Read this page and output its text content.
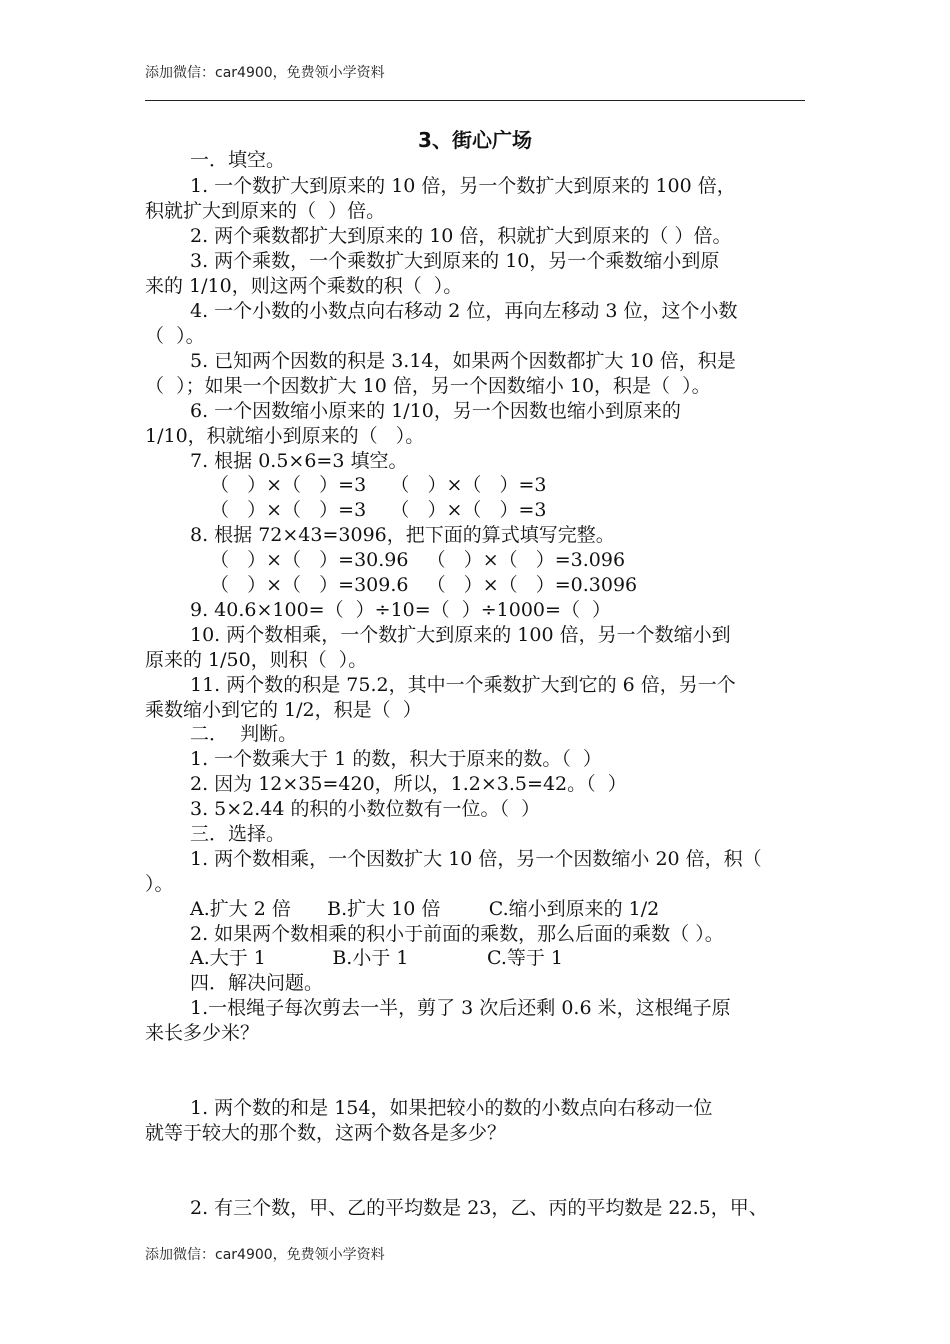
添加微信：car4900，免费领小学资料
3、街心广场
一．填空。
1. 一个数扩大到原来的 10 倍，另一个数扩大到原来的 100 倍，
积就扩大到原来的（  ）倍。
2. 两个乘数都扩大到原来的 10 倍，积就扩大到原来的（ ）倍。
3. 两个乘数，一个乘数扩大到原来的 10，另一个乘数缩小到原
来的 1/10，则这两个乘数的积（  ）。
4. 一个小数的小数点向右移动 2 位，再向左移动 3 位，这个小数
（  ）。
5. 已知两个因数的积是 3.14，如果两个因数都扩大 10 倍，积是
（  ）；如果一个因数扩大 10 倍，另一个因数缩小 10，积是（  ）。
6. 一个因数缩小原来的 1/10，另一个因数也缩小到原来的
1/10，积就缩小到原来的（   ）。
7. 根据 0.5×6=3 填空。
（   ）×（   ）=3    （   ）×（   ）=3
（   ）×（   ）=3    （   ）×（   ）=3
8. 根据 72×43=3096，把下面的算式填写完整。
（   ）×（   ）=30.96   （   ）×（   ）=3.096
（   ）×（   ）=309.6   （   ）×（   ）=0.3096
9. 40.6×100=（  ）÷10=（  ）÷1000=（  ）
10. 两个数相乘，一个数扩大到原来的 100 倍，另一个数缩小到
原来的 1/50，则积（  ）。
11. 两个数的积是 75.2，其中一个乘数扩大到它的 6 倍，另一个
乘数缩小到它的 1/2，积是（  ）
二．  判断。
1. 一个数乘大于 1 的数，积大于原来的数。（  ）
2. 因为 12×35=420，所以，1.2×3.5=42。（  ）
3. 5×2.44 的积的小数位数有一位。（  ）
三．选择。
1. 两个数相乘，一个因数扩大 10 倍，另一个因数缩小 20 倍，积（
）。
A.扩大 2 倍      B.扩大 10 倍        C.缩小到原来的 1/2
2. 如果两个数相乘的积小于前面的乘数，那么后面的乘数（ ）。
A.大于 1           B.小于 1             C.等于 1
四．解决问题。
1.一根绳子每次剪去一半，剪了 3 次后还剩 0.6 米，这根绳子原
来长多少米？
1. 两个数的和是 154，如果把较小的数的小数点向右移动一位
就等于较大的那个数，这两个数各是多少？
2. 有三个数，甲、乙的平均数是 23，乙、丙的平均数是 22.5，甲、
添加微信：car4900，免费领小学资料
